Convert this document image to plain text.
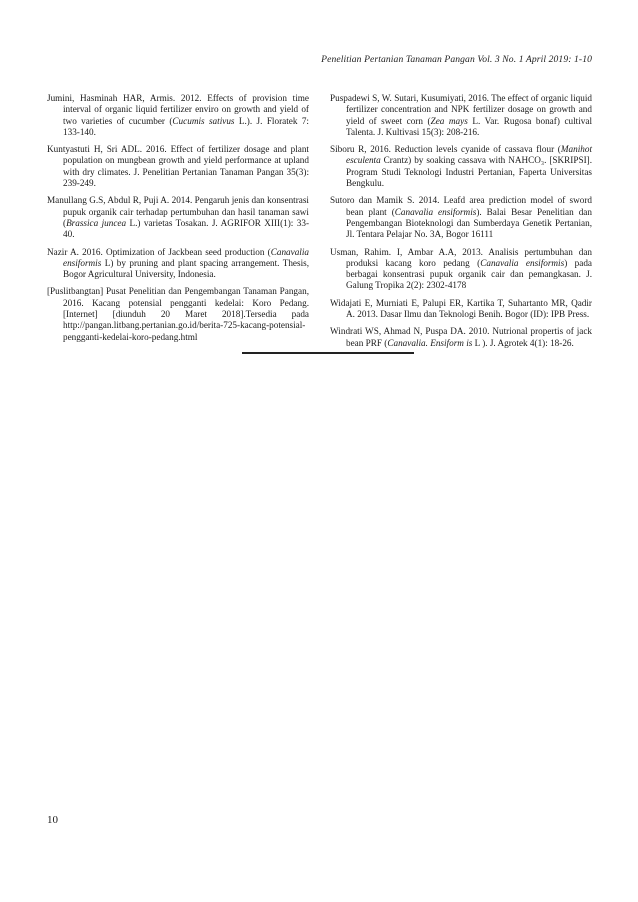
Penelitian Pertanian Tanaman Pangan Vol. 3 No. 1 April 2019: 1-10

Jumini, Hasminah HAR, Armis. 2012. Effects of provision time interval of organic liquid fertilizer enviro on growth and yield of two varieties of cucumber (Cucumis sativus L.). J. Floratek 7: 133-140.

Kuntyastuti H, Sri ADL. 2016. Effect of fertilizer dosage and plant population on mungbean growth and yield performance at upland with dry climates. J. Penelitian Pertanian Tanaman Pangan 35(3): 239-249.

Manullang G.S, Abdul R, Puji A. 2014. Pengaruh jenis dan konsentrasi pupuk organik cair terhadap pertumbuhan dan hasil tanaman sawi (Brassica juncea L.) varietas Tosakan. J. AGRIFOR XIII(1): 33-40.

Nazir A. 2016. Optimization of Jackbean seed production (Canavalia ensiformis L) by pruning and plant spacing arrangement. Thesis, Bogor Agricultural University, Indonesia.

[Puslitbangtan] Pusat Penelitian dan Pengembangan Tanaman Pangan, 2016. Kacang potensial pengganti kedelai: Koro Pedang. [Internet] [diunduh 20 Maret 2018].Tersedia pada http://pangan.litbang.pertanian.go.id/berita-725-kacang-potensial-pengganti-kedelai-koro-pedang.html

Puspadewi S, W. Sutari, Kusumiyati, 2016. The effect of organic liquid fertilizer concentration and NPK fertilizer dosage on growth and yield of sweet corn (Zea mays L. Var. Rugosa bonaf) cultival Talenta. J. Kultivasi 15(3): 208-216.

Siboru R, 2016. Reduction levels cyanide of cassava flour (Manihot esculenta Crantz) by soaking cassava with NAHCO₃. [SKRIPSI]. Program Studi Teknologi Industri Pertanian, Faperta Universitas Bengkulu.

Sutoro dan Mamik S. 2014. Leafd area prediction model of sword bean plant (Canavalia ensiformis). Balai Besar Penelitian dan Pengembangan Bioteknologi dan Sumberdaya Genetik Pertanian, Jl. Tentara Pelajar No. 3A, Bogor 16111

Usman, Rahim. I, Ambar A.A, 2013. Analisis pertumbuhan dan produksi kacang koro pedang (Canavalia ensiformis) pada berbagai konsentrasi pupuk organik cair dan pemangkasan. J. Galung Tropika 2(2): 2302-4178

Widajati E, Murniati E, Palupi ER, Kartika T, Suhartanto MR, Qadir A. 2013. Dasar Ilmu dan Teknologi Benih. Bogor (ID): IPB Press.

Windrati WS, Ahmad N, Puspa DA. 2010. Nutrional propertis of jack bean PRF (Canavalia. Ensiform is L ). J. Agrotek 4(1): 18-26.

10
